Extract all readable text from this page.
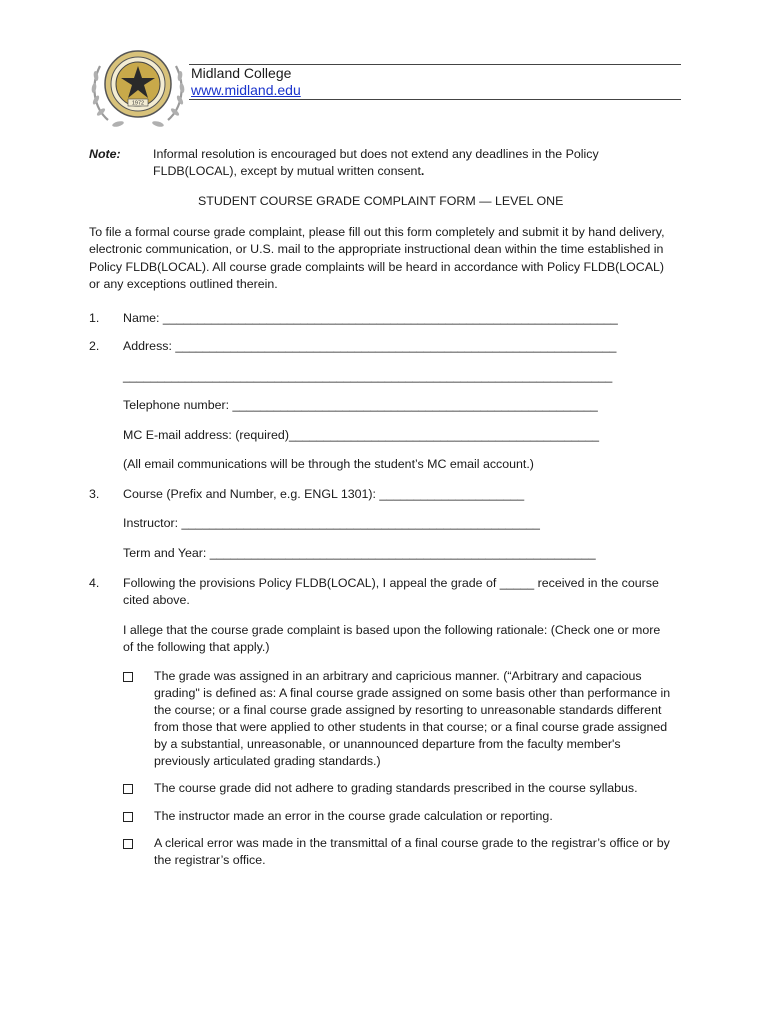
1972
Midland College
www.midland.edu
Note:	Informal resolution is encouraged but does not extend any deadlines in the Policy
FLDB(LOCAL), except by mutual written consent.
STUDENT COURSE GRADE COMPLAINT FORM — LEVEL ONE
To file a formal course grade complaint, please fill out this form completely and submit it by hand delivery,
electronic communication, or U.S. mail to the appropriate instructional dean within the time established in
Policy FLDB(LOCAL). All course grade complaints will be heard in accordance with Policy FLDB(LOCAL)
or any exceptions outlined therein.
1. Name: __________________________________________________________________
2. Address: ________________________________________________________________
_______________________________________________________________________
Telephone number: _____________________________________________________
MC E-mail address: (required)_____________________________________________
(All email communications will be through the student’s MC email account.)
3. Course (Prefix and Number, e.g. ENGL 1301): _____________________
Instructor: ____________________________________________________
Term and Year: ________________________________________________________
4. Following the provisions Policy FLDB(LOCAL), I appeal the grade of _____ received in the course
cited above.
I allege that the course grade complaint is based upon the following rationale: (Check one or more
of the following that apply.)
The grade was assigned in an arbitrary and capricious manner. (“Arbitrary and capacious
grading" is defined as: A final course grade assigned on some basis other than performance in
the course; or a final course grade assigned by resorting to unreasonable standards different
from those that were applied to other students in that course; or a final course grade assigned
by a substantial, unreasonable, or unannounced departure from the faculty member's
previously articulated grading standards.)
The course grade did not adhere to grading standards prescribed in the course syllabus.
The instructor made an error in the course grade calculation or reporting.
A clerical error was made in the transmittal of a final course grade to the registrar’s office or by
the registrar’s office.
